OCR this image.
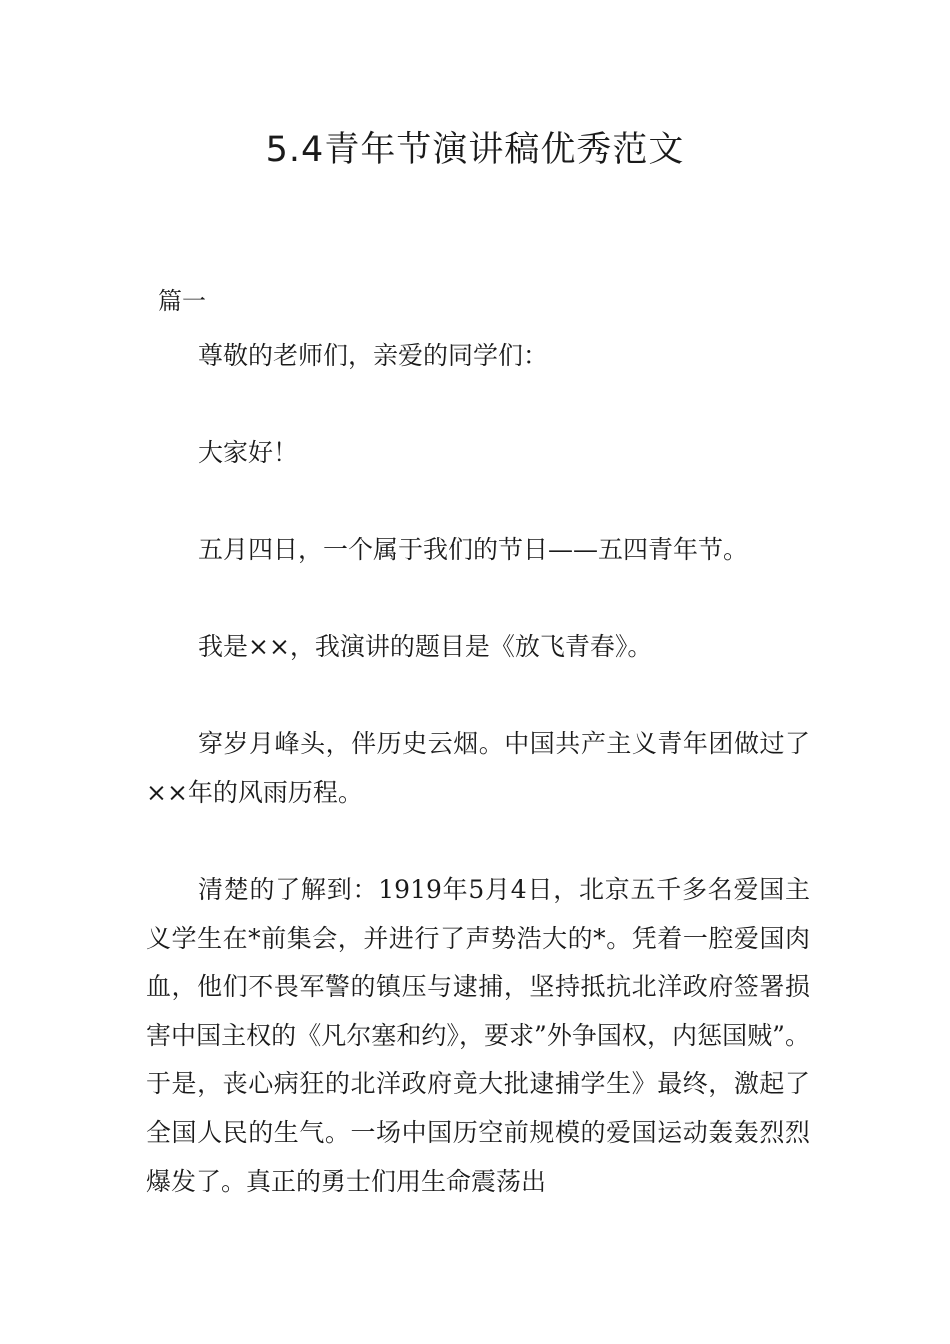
5.4青年节演讲稿优秀范文
篇一

尊敬的老师们，亲爱的同学们：

大家好！

五月四日，一个属于我们的节日——五四青年节。

我是××，我演讲的题目是《放飞青春》。

穿岁月峰头，伴历史云烟。中国共产主义青年团做过了××年的风雨历程。

清楚的了解到：1919年5月4日，北京五千多名爱国主义学生在*前集会，并进行了声势浩大的*。凭着一腔爱国肉血，他们不畏军警的镇压与逮捕，坚持抵抗北洋政府签署损害中国主权的《凡尔塞和约》，要求”外争国权，内惩国贼”。于是，丧心病狂的北洋政府竟大批逮捕学生》最终，激起了全国人民的生气。一场中国历空前规模的爱国运动轰轰烈烈爆发了。真正的勇士们用生命震荡出
